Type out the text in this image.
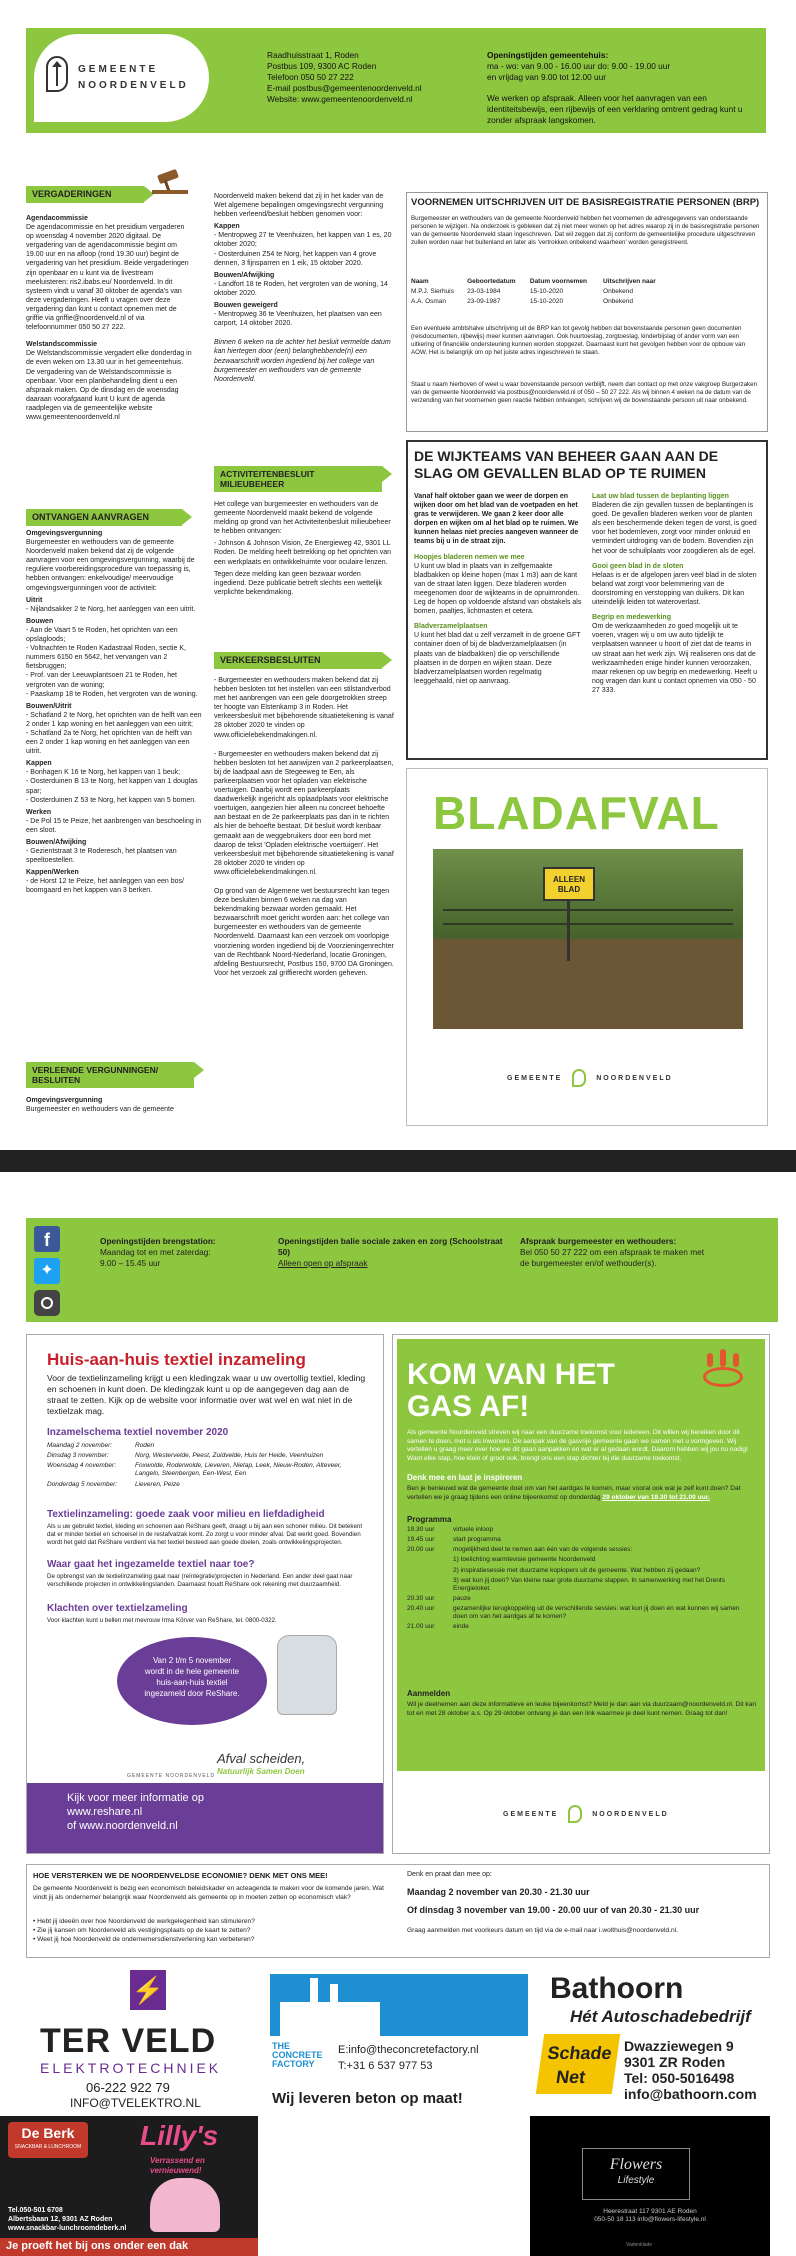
GEMEENTE
NOORDENVELD
Raadhuisstraat 1, Roden
Postbus 109, 9300 AC Roden
Telefoon 050 50 27 222
E-mail postbus@gemeentenoordenveld.nl
Website: www.gemeentenoordenveld.nl
Openingstijden gemeentehuis:
ma - wo: van 9.00 - 16.00 uur do: 9.00 - 19.00 uur
en vrijdag van 9.00 tot 12.00 uur
We werken op afspraak. Alleen voor het aanvragen van een identiteitsbewijs, een rijbewijs of een verklaring omtrent gedrag kunt u zonder afspraak langskomen.
VERGADERINGEN

Agendacommissie
De agendacommissie en het presidium vergaderen op woensdag 4 november 2020 digitaal. De vergadering van de agendacommissie begint om 19.00 uur en na afloop (rond 19.30 uur) begint de vergadering van het presidium. Beide vergaderingen zijn openbaar en u kunt via de livestream meeluisteren: ris2.ibabs.eu/ Noordenveld. In dit systeem vindt u vanaf 30 oktober de agenda's van deze vergaderingen. Heeft u vragen over deze vergadering dan kunt u contact opnemen met de griffie via griffie@noordenveld.nl of via telefoonnummer 050 50 27 222.

Welstandscommissie
De Welstandscommissie vergadert elke donderdag in de even weken om 13.30 uur in het gemeentehuis. De vergadering van de Welstandscommissie is openbaar. Voor een planbehandeling dient u een afspraak maken. Op de dinsdag en de woensdag daaraan voorafgaand kunt U kunt de agenda raadplegen via de gemeentelijke website www.gemeentenoordenveld.nl

ONTVANGEN AANVRAGEN

Omgevingsvergunning
Burgemeester en wethouders van de gemeente Noordenveld maken bekend dat zij de volgende aanvragen voor een omgevingsvergunning, waarbij de reguliere voorbereidingsprocedure van toepassing is, hebben ontvangen: enkelvoudige/ meervoudige omgevingsvergunningen voor de activiteit:

Uitrit

- Nijlandsakker 2 te Norg, het aanleggen van een uitrit.

Bouwen

- Aan de Vaart 5 te Roden, het oprichten van een opslagloods;

- Voltnachten te Roden Kadastraal Roden, sectie K, nummers 6150 en 5642, het vervangen van 2 fietsbruggen;

- Prof. van der Leeuwplantsoen 21 te Roden, het vergroten van de woning;

- Paaskamp 18 te Roden, het vergroten van de woning.

Bouwen/Uitrit

- Schatland 2 te Norg, het oprichten van de helft van een 2 onder 1 kap woning en het aanleggen van een uitrit;

- Schatland 2a te Norg, het oprichten van de helft van een 2 onder 1 kap woning en het aanleggen van een uitrit.

Kappen

- Bonhagen K 16 te Norg, het kappen van 1 beuk;

- Oosterduinen B 13 te Norg, het kappen van 1 douglas spar;

- Oosterduinen Z 53 te Norg, het kappen van 5 bomen.

Werken

- De Pol 15 te Peize, het aanbrengen van beschoeling in een sloot.

Bouwen/Afwijking

- Gezientstraat 3 te Roderesch, het plaatsen van speeltoestellen.

Kappen/Werken

- de Horst 12 te Peize, het aanleggen van een bos/ boomgaard en het kappen van 3 berken.

VERLEENDE VERGUNNINGEN/ BESLUITEN
Omgevingsvergunning
Burgemeester en wethouders van de gemeente

Noordenveld maken bekend dat zij in het kader van de Wet algemene bepalingen omgevingsrecht vergunning hebben verleend/besluit hebben genomen voor:

Kappen

- Mentropweg 27 te Veenhuizen, het kappen van 1 es, 20 oktober 2020;

- Oosterduinen Z54 te Norg, het kappen van 4 grove dennen, 3 fijnsparren en 1 eik, 15 oktober 2020.

Bouwen/Afwijking

- Landfort 18 te Roden, het vergroten van de woning, 14 oktober 2020.

Bouwen geweigerd

- Mentropweg 36 te Veenhuizen, het plaatsen van een carport, 14 oktober 2020.

Binnen 6 weken na de achter het besluit vermelde datum kan hiertegen door (een) belanghebbende(n) een bezwaarschrift worden ingediend bij het college van burgemeester en wethouders van de gemeente Noordenveld.

ACTIVITEITENBESLUIT MILIEUBEHEER

Het college van burgemeester en wethouders van de gemeente Noordenveld maakt bekend de volgende melding op grond van het Activiteitenbesluit milieubeheer te hebben ontvangen:

- Johnson & Johnson Vision, Ze Energieweg 42, 9301 LL Roden. De melding heeft betrekking op het oprichten van een werkplaats en ontwikkelruimte voor oculaire lenzen.

Tegen deze melding kan geen bezwaar worden ingediend. Deze publicatie betreft slechts een wettelijk verplichte bekendmaking.

VERKEERSBESLUITEN

- Burgemeester en wethouders maken bekend dat zij hebben besloten tot het instellen van een stilstandverbod met het aanbrengen van een gele doorgetrokken streep ter hoogte van Elstenkamp 3 in Roden. Het verkeersbesluit met bijbehorende situatietekening is vanaf 28 oktober 2020 te vinden op www.officielebekendmakingen.nl.

- Burgemeester en wethouders maken bekend dat zij hebben besloten tot het aanwijzen van 2 parkeerplaatsen, bij de laadpaal aan de Stegeeweg te Een, als parkeerplaatsen voor het opladen van elektrische voertuigen. Daarbij wordt een parkeerplaats daadwerkelijk ingericht als oplaadplaats voor elektrische voertuigen, aangezien hier alleen nu concreet behoefte aan bestaat en de 2e parkeerplaats pas dan in te richten als hier de behoefte bestaat. Dit besluit wordt kenbaar gemaakt aan de weggebruikers door een bord met daarop de tekst 'Opladen elektrische voertuigen'. Het verkeersbesluit met bijbehorende situatietekening is vanaf 28 oktober 2020 te vinden op www.officielebekendmakingen.nl.

Op grond van de Algemene wet bestuursrecht kan tegen deze besluiten binnen 6 weken na dag van bekendmaking bezwaar worden gemaakt. Het bezwaarschrift moet gericht worden aan: het college van burgemeester en wethouders van de gemeente Noordenveld. Daarnaast kan een verzoek om voorlopige voorziening worden ingediend bij de Voorzieningenrechter van de Rechtbank Noord-Nederland, locatie Groningen, afdeling Bestuursrecht, Postbus 150, 9700 DA Groningen. Voor het verzoek zal griffierecht worden geheven.

VOORNEMEN UITSCHRIJVEN UIT DE BASISREGISTRATIE PERSONEN (BRP)
Burgemeester en wethouders van de gemeente Noordenveld hebben het voornemen de adresgegevens van onderstaande personen te wijzigen. Na onderzoek is gebleken dat zij niet meer wonen op het adres waarop zij in de basisregistratie personen van de gemeente Noordenveld staan ingeschreven. Dat wil zeggen dat zij conform de gemeentelijke procedure uitgeschreven zullen worden naar het buitenland en later als 'vertrokken onbekend waarheen' worden geregistreerd.
Naam	Geboortedatum	Datum voornemen	Uitschrijven naar
M.P.J. Sierhuis	23-03-1984	15-10-2020	Onbekend
A.A. Osman	23-09-1987	15-10-2020	Onbekend
Een eventuele ambtshalve uitschrijving uit de BRP kan tot gevolg hebben dat bovenstaande personen geen documenten (reisdocumenten, rijbewijs) meer kunnen aanvragen. Ook huurtoeslag, zorgtoeslag, kinderbijslag of ander vorm van een uitkering of financiële ondersteuning kunnen worden stopgezet. Daarnaast kunt het gevolgen hebben voor de opbouw van AOW. Het is belangrijk om op het juiste adres ingeschreven te staan.
Staat u naam hierboven of weet u waar bovenstaande persoon verblijft, neem dan contact op met onze vakgroep Burgerzaken van de gemeente Noordenveld via postbus@noordenveld.nl of 050 – 50 27 222. Als wij binnen 4 weken na de datum van de verzending van het voornemen geen reactie hebben ontvangen, schrijven wij de bovenstaande persoon uit naar onbekend.
DE WIJKTEAMS VAN BEHEER GAAN AAN DE SLAG OM GEVALLEN BLAD OP TE RUIMEN

Vanaf half oktober gaan we weer de dorpen en wijken door om het blad van de voetpaden en het gras te verwijderen. We gaan 2 keer door alle dorpen en wijken om al het blad op te ruimen. We kunnen helaas niet precies aangeven wanneer de teams bij u in de straat zijn.

Hoopjes bladeren nemen we mee
U kunt uw blad in plaats van in zelfgemaakte bladbakken op kleine hopen (max 1 m3) aan de kant van de straat laten liggen. Deze bladeren worden meegenomen door de wijkteams in de opruimronden. Leg de hopen op voldoende afstand van obstakels als bomen, paaltjes, lichtmasten et cetera.

Bladverzamelplaatsen
U kunt het blad dat u zelf verzamelt in de groene GFT container doen of bij de bladverzamelplaatsen (in plaats van de bladbakken) die op verschillende plaatsen in de dorpen en wijken staan. Deze bladverzamelplaatsen worden regelmatig leeggehaald, niet op aanvraag.

Laat uw blad tussen de beplanting liggen
Bladeren die zijn gevallen tussen de beplantingen is goed. De gevallen bladeren werken voor de planten als een beschermende deken tegen de vorst, is goed voor het bodemleven, zorgt voor minder onkruid en vermindert uitdroging van de bodem. Bovendien zijn het voor de schuilplaats voor zoogdieren als de egel.

Gooi geen blad in de sloten
Helaas is er de afgelopen jaren veel blad in de sloten beland wat zorgt voor belemmering van de doorstroming en verstopping van duikers. Dit kan uiteindelijk leiden tot wateroverlast.

Begrip en medewerking
Om de werkzaamheden zo goed mogelijk uit te voeren, vragen wij u om uw auto tijdelijk te verplaatsen wanneer u hoort of ziet dat de teams in uw straat aan het werk zijn. Wij realiseren ons dat de werkzaamheden enige hinder kunnen veroorzaken, maar rekenen op uw begrip en medewerking. Heeft u nog vragen dan kunt u contact opnemen via 050 - 50 27 333.

BLADAFVAL
ALLEEN BLAD
GEMEENTE	NOORDENVELD
f
✦
Openingstijden brengstation:
Maandag tot en met zaterdag:
9.00 – 15.45 uur
Openingstijden balie sociale zaken en zorg (Schoolstraat 50)
Alleen open op afspraak
Afspraak burgemeester en wethouders:
Bel 050 50 27 222 om een afspraak te maken met
de burgemeester en/of wethouder(s).
Huis-aan-huis textiel inzameling
Voor de textielinzameling krijgt u een kledingzak waar u uw overtollig textiel, kleding en schoenen in kunt doen. De kledingzak kunt u op de aangegeven dag aan de straat te zetten. Kijk op de website voor informatie over wat wel en wat niet in de textielzak mag.
Inzamelschema textiel november 2020
Maandag 2 november:	Roden
Dinsdag 3 november:	Norg, Westervelde, Peest, Zuidvelde, Huis ter Heide, Veenhuizen
Woensdag 4 november:	Foxwolde, Roderwolde, Lieveren, Nietap, Leek, Nieuw-Roden, Alteveer, Langelo, Steenbergen, Een-West, Een
Donderdag 5 november:	Lieveren, Peize
Textielinzameling: goede zaak voor milieu en liefdadigheid
Als u uw gebruikt textiel, kleding en schoenen aan ReShare geeft, draagt u bij aan een schoner milieu. Dit betekent dat er minder textiel en schoeisel in de restafvalzak komt. Zo zorgt u voor minder afval. Dat werkt goed. Bovendien wordt het geld dat ReShare verdient via het textiel besteed aan goede doelen, zoals ontwikkelingsprojecten.
Waar gaat het ingezamelde textiel naar toe?
De opbrengst van de textielinzameling gaat naar (reïntegratie)projecten in Nederland. Een ander deel gaat naar verschillende projecten in ontwikkelingslanden. Daarnaast houdt ReShare ook rekening met duurzaamheid.
Klachten over textielzameling
Voor klachten kunt u bellen met mevrouw Irma Körver van ReShare, tel. 0800-0322.
Van 2 t/m 5 november
wordt in de hele gemeente
huis-aan-huis textiel
ingezameld door ReShare.
Afval scheiden,
Natuurlijk Samen Doen
GEMEENTE NOORDENVELD
Kijk voor meer informatie op
www.reshare.nl
of www.noordenveld.nl
KOM VAN HET GAS AF!
Als gemeente Noordenveld streven wij naar een duurzame toekomst voor iedereen. Dit willen wij bereiken door dit samen te doen, met u als inwoners. De aanpak van de gasvrije gemeente gaan we samen met u vormgeven. Wij vertellen u graag meer over hoe we dit gaan aanpakken en wat er al gedaan wordt. Daarom hebben wij jou nu nodig! Want elke stap, hoe klein of groot ook, brengt ons een stap dichter bij die duurzame toekomst.
Denk mee en laat je inspireren
Ben je benieuwd wat de gemeente doet om van het aardgas te komen, maar vooral ook wat je zelf kunt doen? Dat vertellen we je graag tijdens een online bijeenkomst op donderdag 29 oktober van 19.30 tot 21.00 uur.
Programma
19.30 uur	virtuele inloop
19.45 uur	start programma
20.00 uur	mogelijkheid deel te nemen aan één van de volgende sessies:
	1) toelichting warmtevisie gemeente Noordenveld
	2) inspiratiesessie met duurzame koplopers uit de gemeente. Wat hebben zij gedaan?
	3) wat kun jij doen? Van kleine naar grote duurzame stappen. In samenwerking met het Drents Energieloket.
20.30 uur	pauze
20.40 uur	gezamenlijke terugkoppeling uit de verschillende sessies: wat kun jij doen en wat kunnen wij samen doen om van het aardgas af te komen?
21.00 uur	einde
Aanmelden
Wil je deelnemen aan deze informatieve en leuke bijeenkomst? Meld je dan aan via duurzaam@noordenveld.nl. Dit kan tot en met 28 oktober a.s. Op 29 oktober ontvang je dan een link waarmee je deel kunt nemen. Graag tot dan!
GEMEENTE	NOORDENVELD
HOE VERSTERKEN WE DE NOORDENVELDSE ECONOMIE? DENK MET ONS MEE!
De gemeente Noordenveld is bezig een economisch beleidskader en acteagenda te maken voor de komende jaren. Wat vindt jij als ondernemer belangrijk waar Noordenveld als gemeente op in moeten zetten op economisch vlak?
• Hebt jij ideeën over hoe Noordenveld de werkgelegenheid kan stimuleren?
• Zie jij kansen om Noordenveld als vestigingsplaats op de kaart te zetten?
• Weet jij hoe Noordenveld de ondernemersdienstverlening kan verbeteren?
Denk en praat dan mee op:
Maandag 2 november van 20.30 - 21.30 uur
Of dinsdag 3 november van 19.00 - 20.00 uur of van 20.30 - 21.30 uur
Graag aanmelden met voorkeurs datum en tijd via de e-mail naar i.wolthuis@noordenveld.nl.
⚡
TER VELD
ELEKTROTECHNIEK
06-222 922 79
INFO@TVELEKTRO.NL
THE
CONCRETE
FACTORY
E:info@theconcretefactory.nl
T:+31 6 537 977 53
Wij leveren beton op maat!
Bathoorn
Hét Autoschadebedrijf
Schade
Net
Dwazziewegen 9
9301 ZR Roden
Tel: 050-5016498
info@bathoorn.com
De Berk
SNACKBAR & LUNCHROOM Lilly's
Verrassend en vernieuwend!
Tel.050-501 6708
Albertsbaan 12, 9301 AZ Roden
www.snackbar-lunchroomdeberk.nl
Je proeft het bij ons onder een dak
Flowers
Lifestyle
Heerestraat 117 9301 AE Roden
050-50 18 113 info@flowers-lifestyle.nl
Vadenklade
